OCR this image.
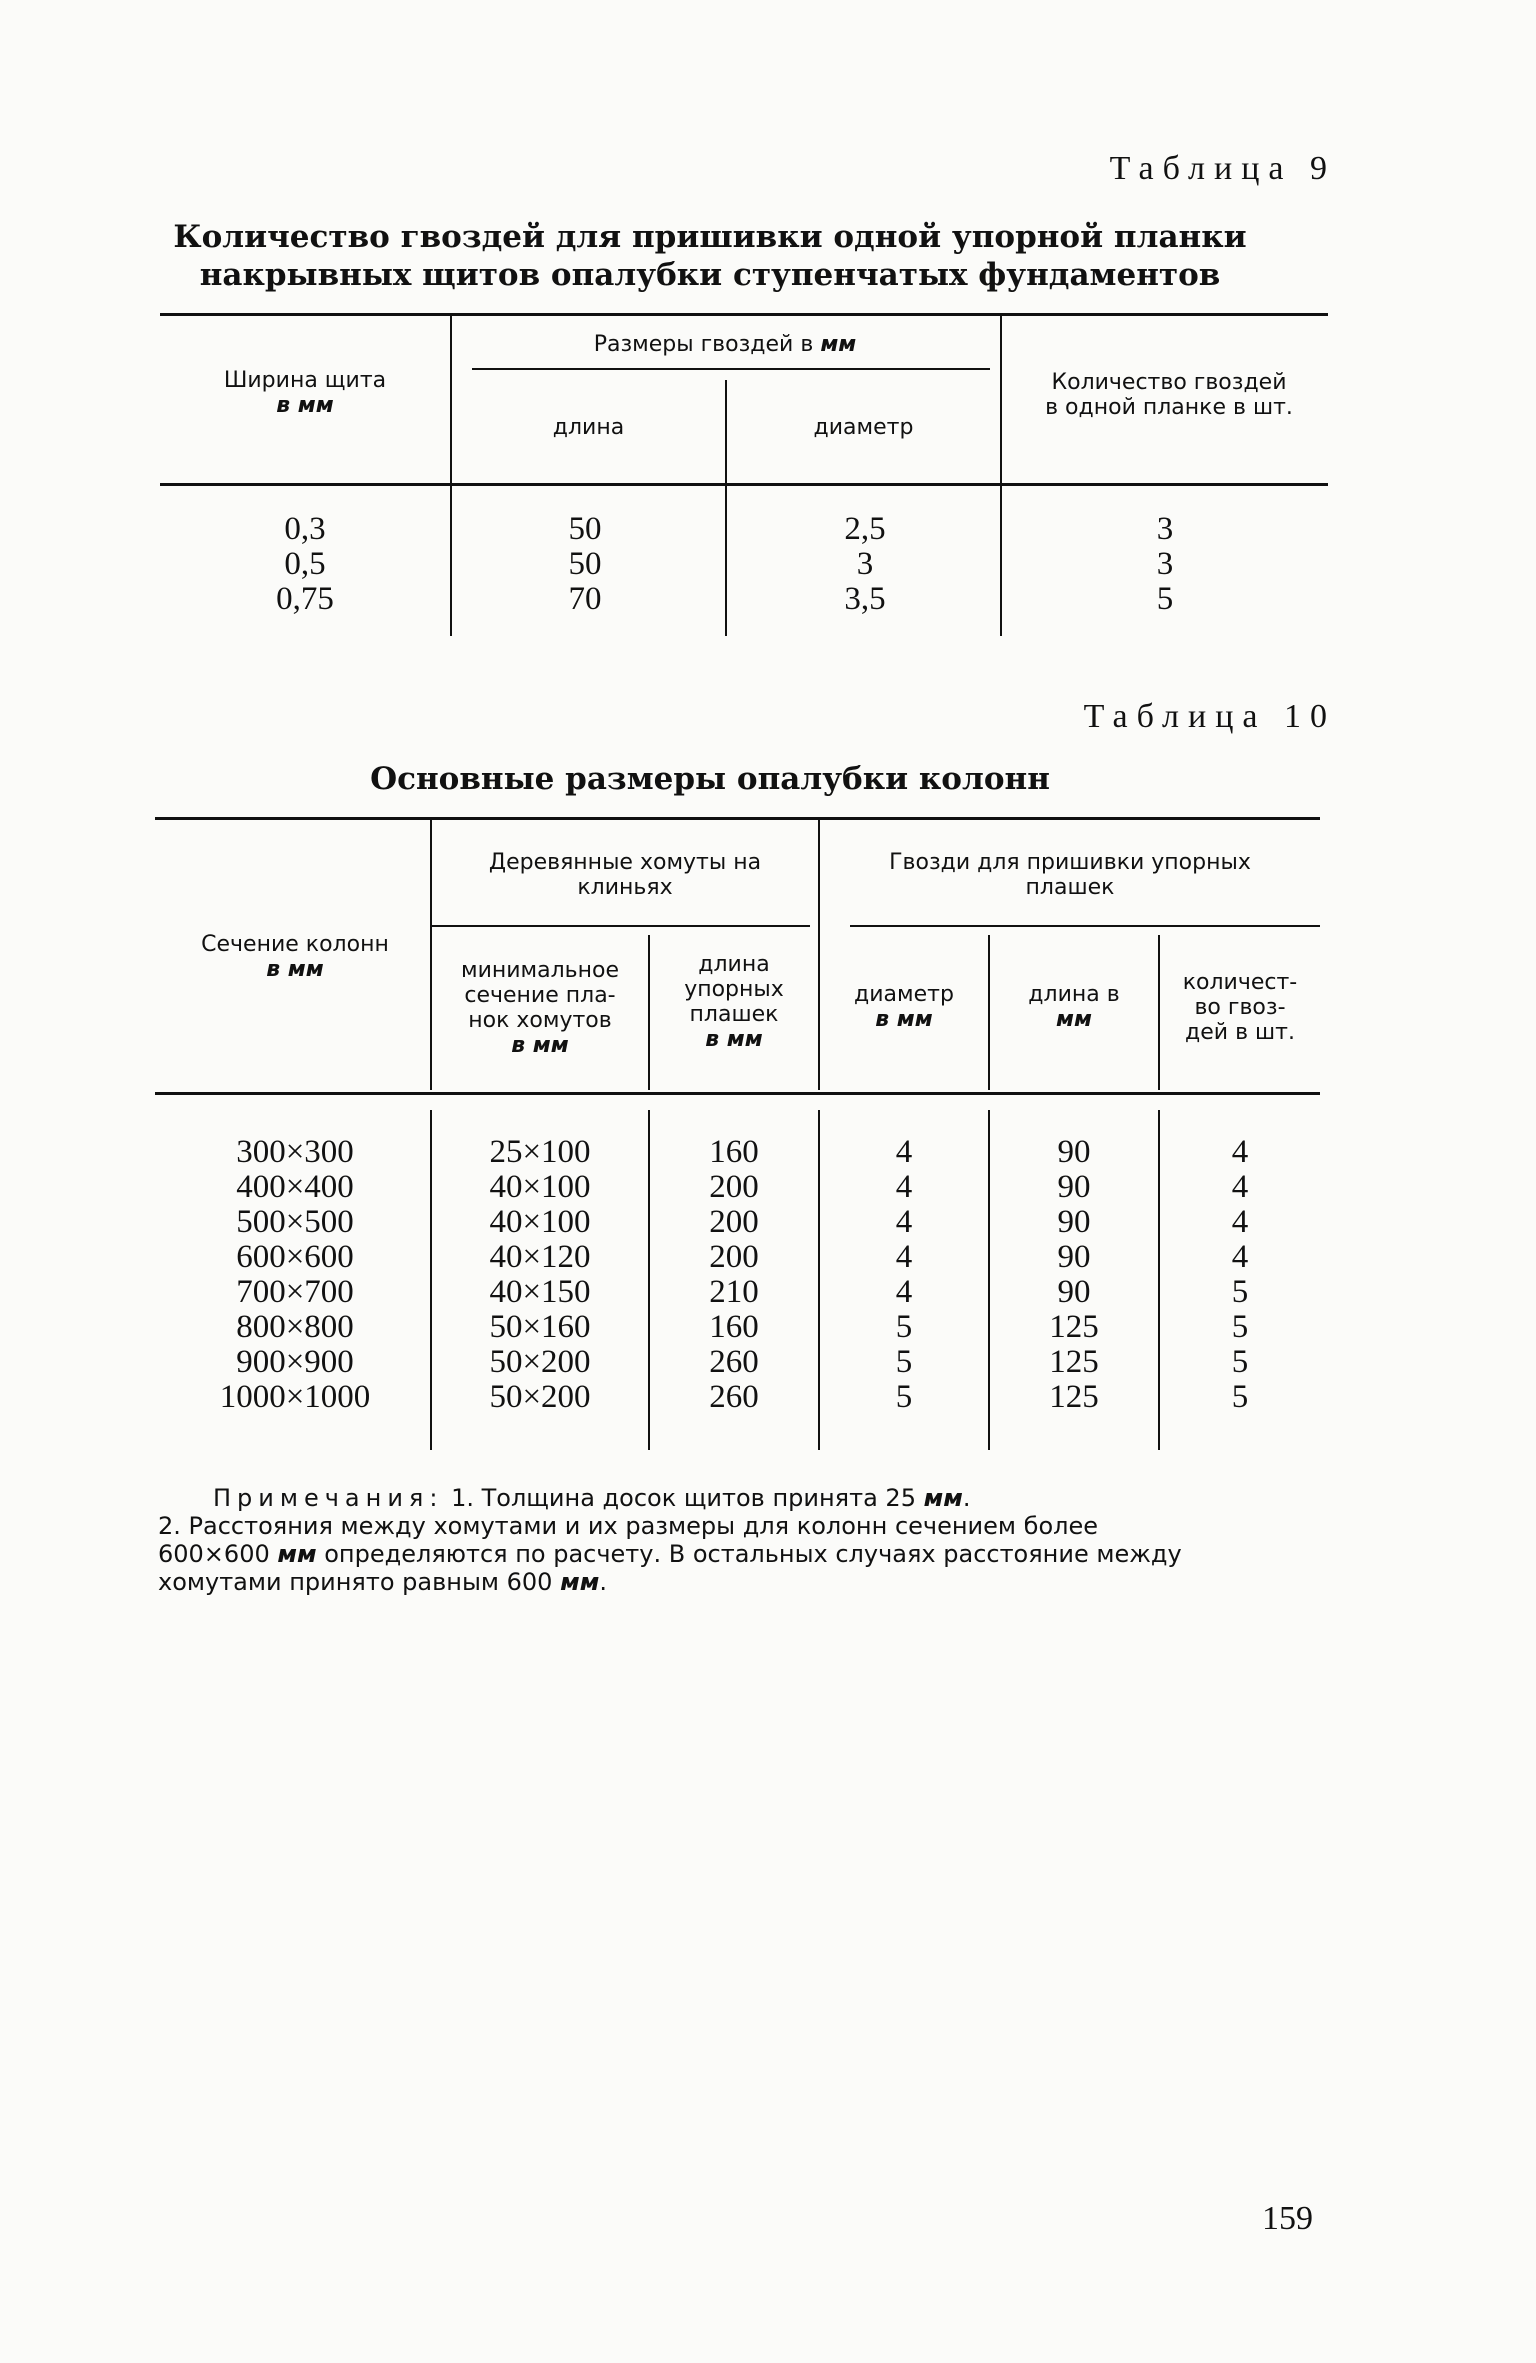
Таблица 9
Количество гвоздей для пришивки одной упорной планки
накрывных щитов опалубки ступенчатых фундаментов
Ширина щита
в мм
Размеры гвоздей в мм
длина	диаметр
Количество гвоздей
в одной планке в шт.
0,3
0,5
0,75
50
50
70
2,5
3
3,5
3
3
5
Таблица 10
Основные размеры опалубки колонн
Сечение колонн
в мм
Деревянные хомуты на
клиньях
Гвозди для пришивки упорных
плашек
минимальное
сечение пла-
нок хомутов
в мм
длина
упорных
плашек
в мм
диаметр
в мм
длина в
мм
количест-
во гвоз-
дей в шт.
300×300
400×400
500×500
600×600
700×700
800×800
900×900
1000×1000
25×100
40×100
40×100
40×120
40×150
50×160
50×200
50×200
160
200
200
200
210
160
260
260
4
4
4
4
4
5
5
5
90
90
90
90
90
125
125
125
4
4
4
4
5
5
5
5
Примечания: 1. Толщина досок щитов принята 25 мм.
2. Расстояния между хомутами и их размеры для колонн сечением более
600×600 мм определяются по расчету. В остальных случаях расстояние между
хомутами принято равным 600 мм.
159
